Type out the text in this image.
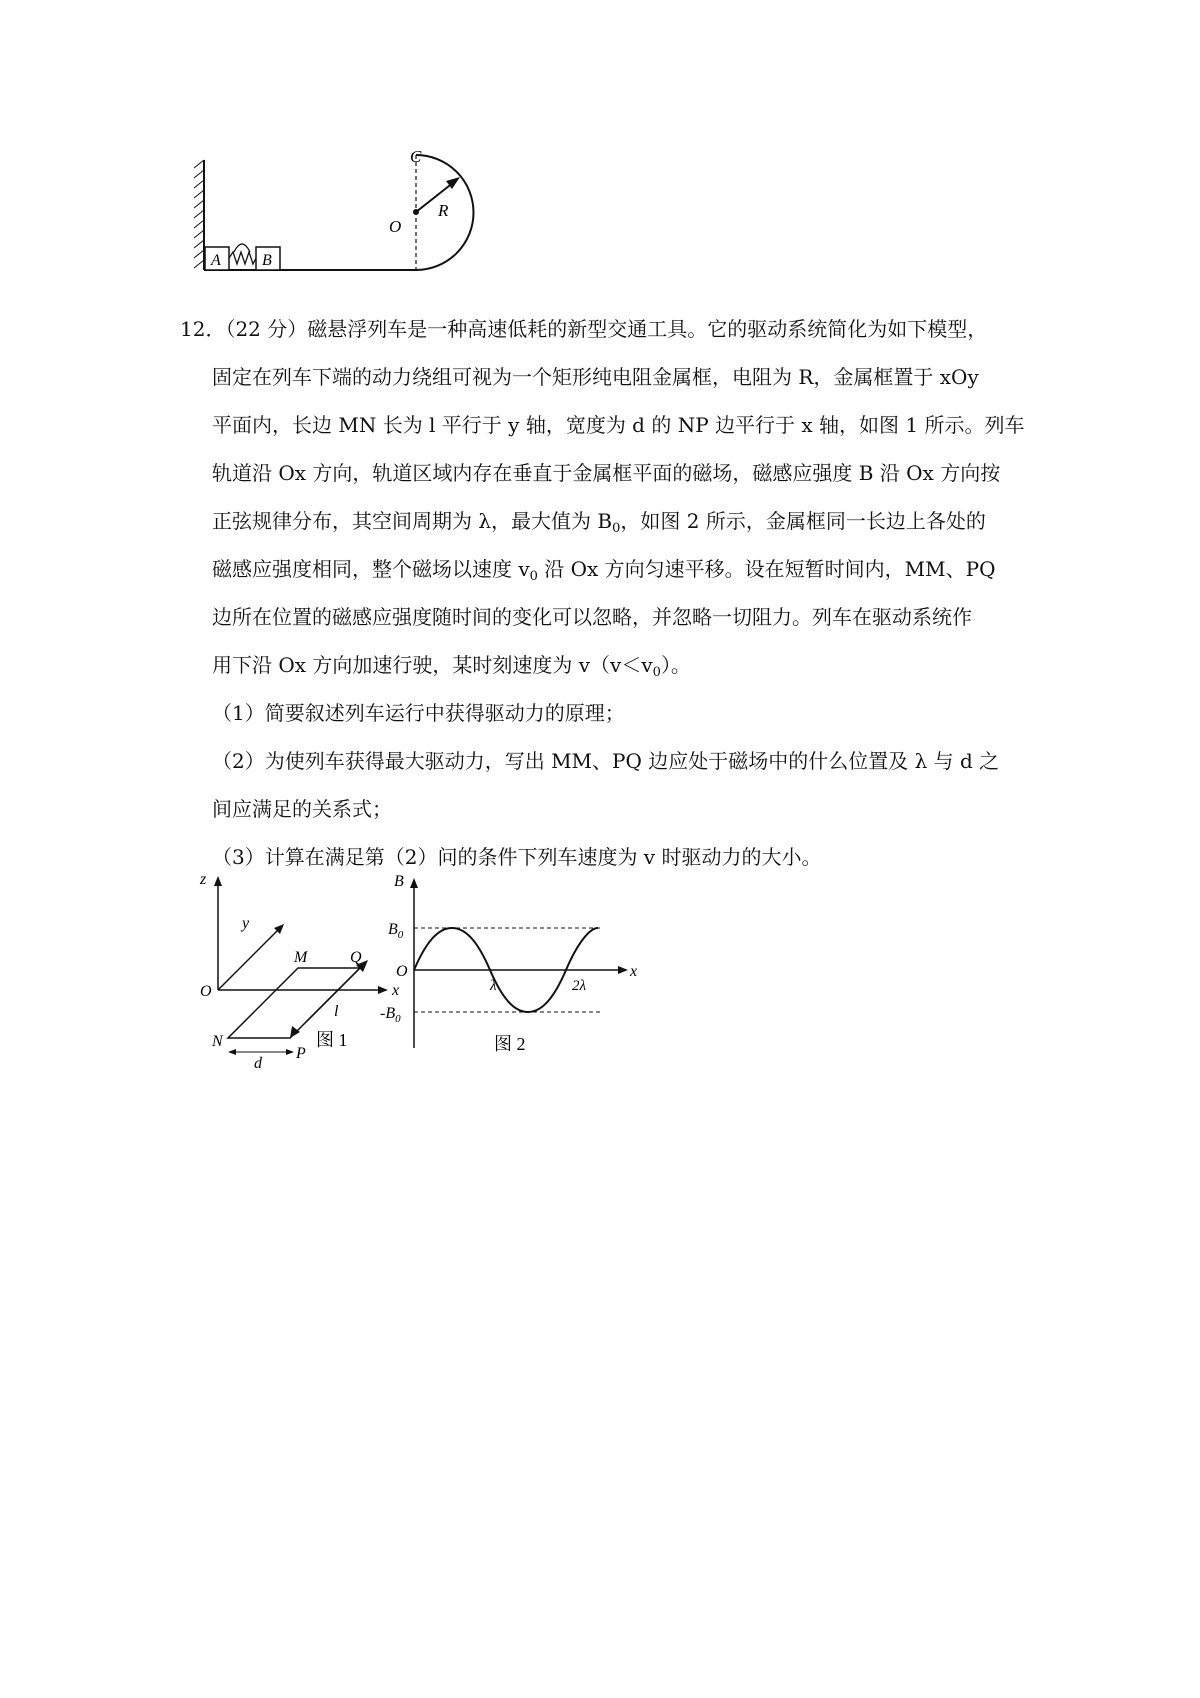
C
O
R
A	B
12．（22 分）磁悬浮列车是一种高速低耗的新型交通工具。它的驱动系统简化为如下模型，
固定在列车下端的动力绕组可视为一个矩形纯电阻金属框，电阻为 R，金属框置于 xOy
平面内，长边 MN 长为 l 平行于 y 轴，宽度为 d 的 NP 边平行于 x 轴，如图 1 所示。列车
轨道沿 Ox 方向，轨道区域内存在垂直于金属框平面的磁场，磁感应强度 B 沿 Ox 方向按
正弦规律分布，其空间周期为 λ，最大值为 $B_0$，如图 2 所示，金属框同一长边上各处的
磁感应强度相同，整个磁场以速度 $v_0$ 沿 Ox 方向匀速平移。设在短暂时间内，MM、PQ
边所在位置的磁感应强度随时间的变化可以忽略，并忽略一切阻力。列车在驱动系统作
用下沿 Ox 方向加速行驶，某时刻速度为 $v(v<v_0)$。
（1）简要叙述列车运行中获得驱动力的原理；
（2）为使列车获得最大驱动力，写出 MM、PQ 边应处于磁场中的什么位置及 λ 与 d 之
间应满足的关系式；
（3）计算在满足第（2）问的条件下列车速度为 v 时驱动力的大小。
z
y
x
O
M	Q
N
P
l
d
图 1
B
$B_0$
$-B_0$
O	x
λ	2λ
图 2
